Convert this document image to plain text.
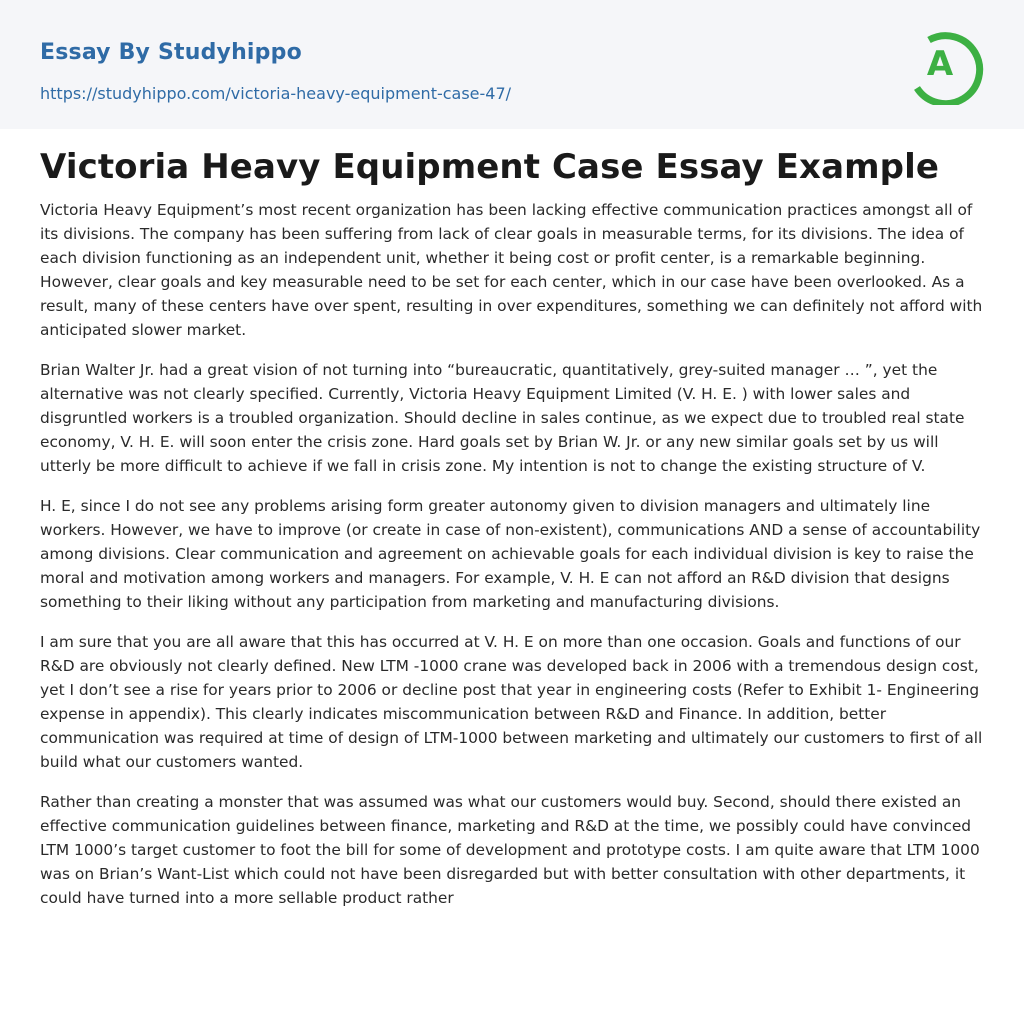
Essay By Studyhippo
https://studyhippo.com/victoria-heavy-equipment-case-47/
A
Victoria Heavy Equipment Case Essay Example

Victoria Heavy Equipment’s most recent organization has been lacking effective communication practices amongst all of its divisions. The company has been suffering from lack of clear goals in measurable terms, for its divisions. The idea of each division functioning as an independent unit, whether it being cost or profit center, is a remarkable beginning. However, clear goals and key measurable need to be set for each center, which in our case have been overlooked. As a result, many of these centers have over spent, resulting in over expenditures, something we can definitely not afford with anticipated slower market.

Brian Walter Jr. had a great vision of not turning into “bureaucratic, quantitatively, grey-suited manager … ”, yet the alternative was not clearly specified. Currently, Victoria Heavy Equipment Limited (V. H. E. ) with lower sales and disgruntled workers is a troubled organization. Should decline in sales continue, as we expect due to troubled real state economy, V. H. E. will soon enter the crisis zone. Hard goals set by Brian W. Jr. or any new similar goals set by us will utterly be more difficult to achieve if we fall in crisis zone. My intention is not to change the existing structure of V.

H. E, since I do not see any problems arising form greater autonomy given to division managers and ultimately line workers. However, we have to improve (or create in case of non-existent), communications AND a sense of accountability among divisions. Clear communication and agreement on achievable goals for each individual division is key to raise the moral and motivation among workers and managers. For example, V. H. E can not afford an R&D division that designs something to their liking without any participation from marketing and manufacturing divisions.

I am sure that you are all aware that this has occurred at V. H. E on more than one occasion. Goals and functions of our R&D are obviously not clearly defined. New LTM -1000 crane was developed back in 2006 with a tremendous design cost, yet I don’t see a rise for years prior to 2006 or decline post that year in engineering costs (Refer to Exhibit 1- Engineering expense in appendix). This clearly indicates miscommunication between R&D and Finance. In addition, better communication was required at time of design of LTM-1000 between marketing and ultimately our customers to first of all build what our customers wanted.

Rather than creating a monster that was assumed was what our customers would buy. Second, should there existed an effective communication guidelines between finance, marketing and R&D at the time, we possibly could have convinced LTM 1000’s target customer to foot the bill for some of development and prototype costs. I am quite aware that LTM 1000 was on Brian’s Want-List which could not have been disregarded but with better consultation with other departments, it could have turned into a more sellable product rather
